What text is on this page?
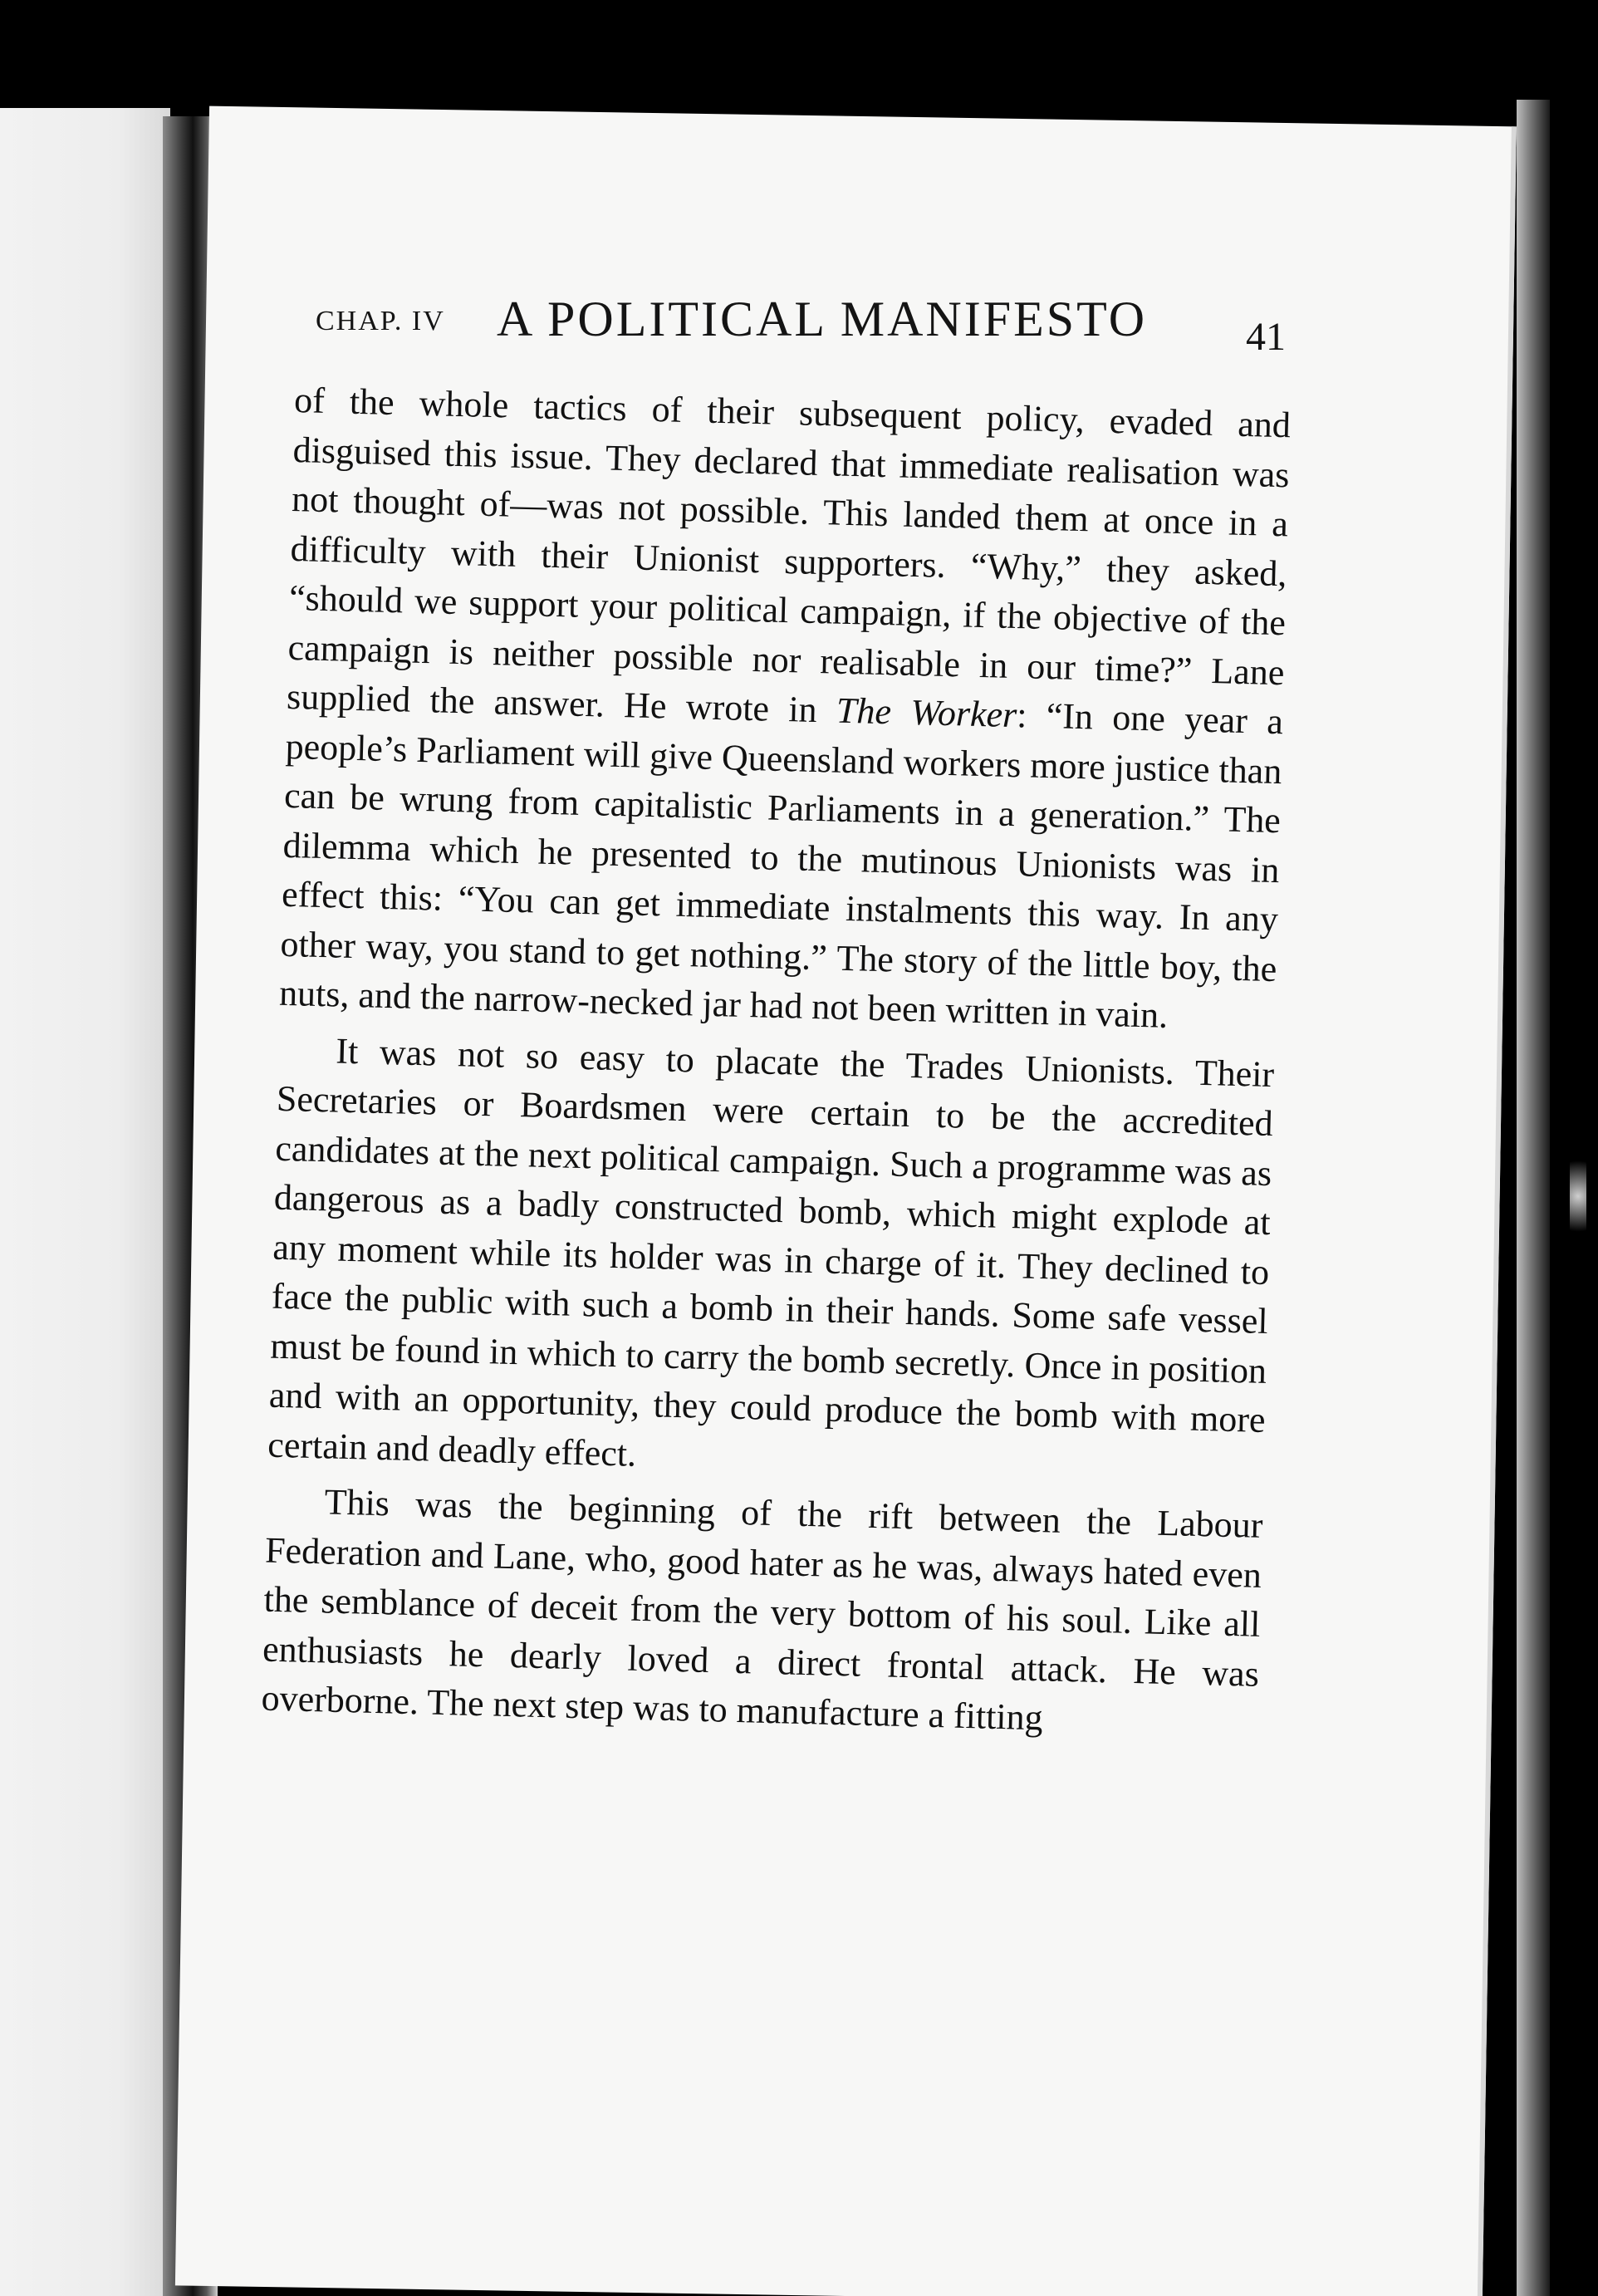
CHAP. IV A POLITICAL MANIFESTO 41

of the whole tactics of their subsequent policy, evaded and disguised this issue. They declared that immediate realisation was not thought of—was not possible. This landed them at once in a difficulty with their Unionist supporters. “Why,” they asked, “should we support your political campaign, if the objective of the campaign is neither possible nor realisable in our time?” Lane supplied the answer. He wrote in The Worker: “In one year a people’s Parliament will give Queensland workers more justice than can be wrung from capitalistic Parliaments in a generation.” The dilemma which he presented to the mutinous Unionists was in effect this: “You can get immediate instalments this way. In any other way, you stand to get nothing.” The story of the little boy, the nuts, and the narrow-necked jar had not been written in vain.

It was not so easy to placate the Trades Unionists. Their Secretaries or Boardsmen were certain to be the accredited candidates at the next political campaign. Such a programme was as dangerous as a badly constructed bomb, which might explode at any moment while its holder was in charge of it. They declined to face the public with such a bomb in their hands. Some safe vessel must be found in which to carry the bomb secretly. Once in position and with an opportunity, they could produce the bomb with more certain and deadly effect.

This was the beginning of the rift between the Labour Federation and Lane, who, good hater as he was, always hated even the semblance of deceit from the very bottom of his soul. Like all enthusiasts he dearly loved a direct frontal attack. He was overborne. The next step was to manufacture a fitting
